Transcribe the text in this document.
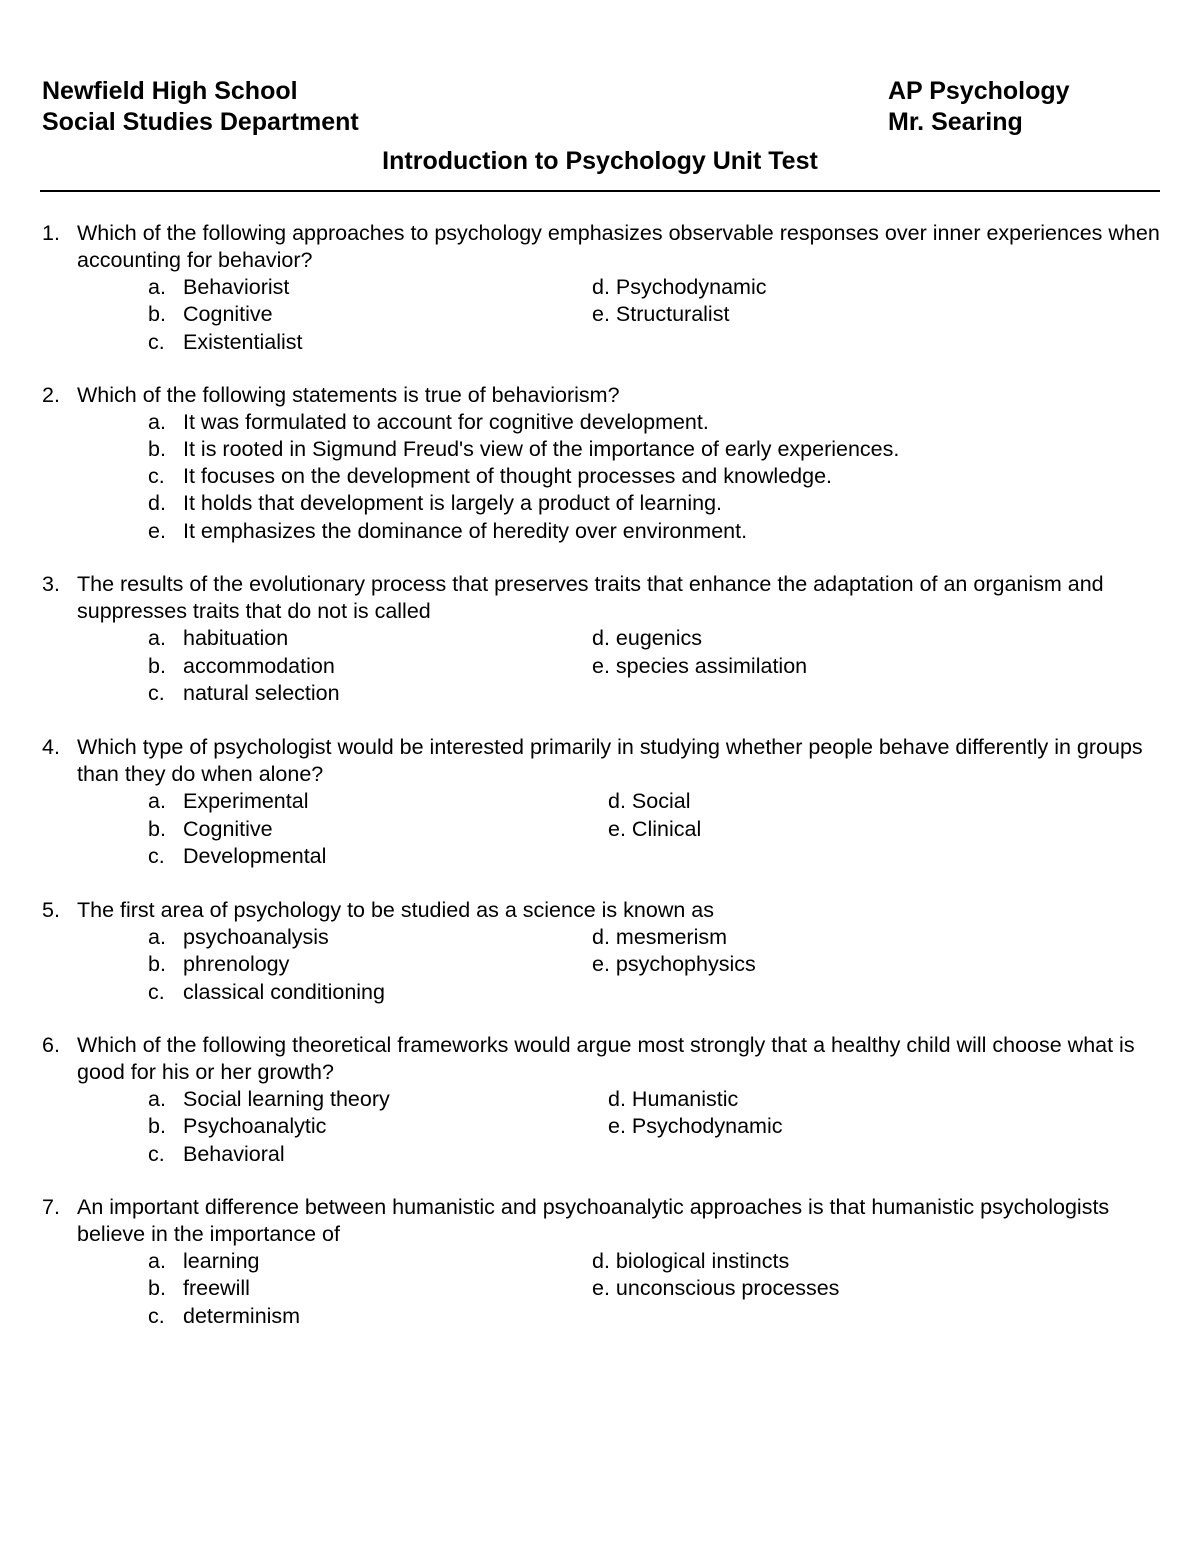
Newfield High School
Social Studies Department
AP Psychology
Mr. Searing
Introduction to Psychology Unit Test
1. Which of the following approaches to psychology emphasizes observable responses over inner experiences when accounting for behavior?
a. Behaviorist
b. Cognitive
c. Existentialist
d. Psychodynamic
e. Structuralist
2. Which of the following statements is true of behaviorism?
a. It was formulated to account for cognitive development.
b. It is rooted in Sigmund Freud's view of the importance of early experiences.
c. It focuses on the development of thought processes and knowledge.
d. It holds that development is largely a product of learning.
e. It emphasizes the dominance of heredity over environment.
3. The results of the evolutionary process that preserves traits that enhance the adaptation of an organism and suppresses traits that do not is called
a. habituation
b. accommodation
c. natural selection
d. eugenics
e. species assimilation
4. Which type of psychologist would be interested primarily in studying whether people behave differently in groups than they do when alone?
a. Experimental
b. Cognitive
c. Developmental
d. Social
e. Clinical
5. The first area of psychology to be studied as a science is known as
a. psychoanalysis
b. phrenology
c. classical conditioning
d. mesmerism
e. psychophysics
6. Which of the following theoretical frameworks would argue most strongly that a healthy child will choose what is good for his or her growth?
a. Social learning theory
b. Psychoanalytic
c. Behavioral
d. Humanistic
e. Psychodynamic
7. An important difference between humanistic and psychoanalytic approaches is that humanistic psychologists believe in the importance of
a. learning
b. freewill
c. determinism
d. biological instincts
e. unconscious processes
